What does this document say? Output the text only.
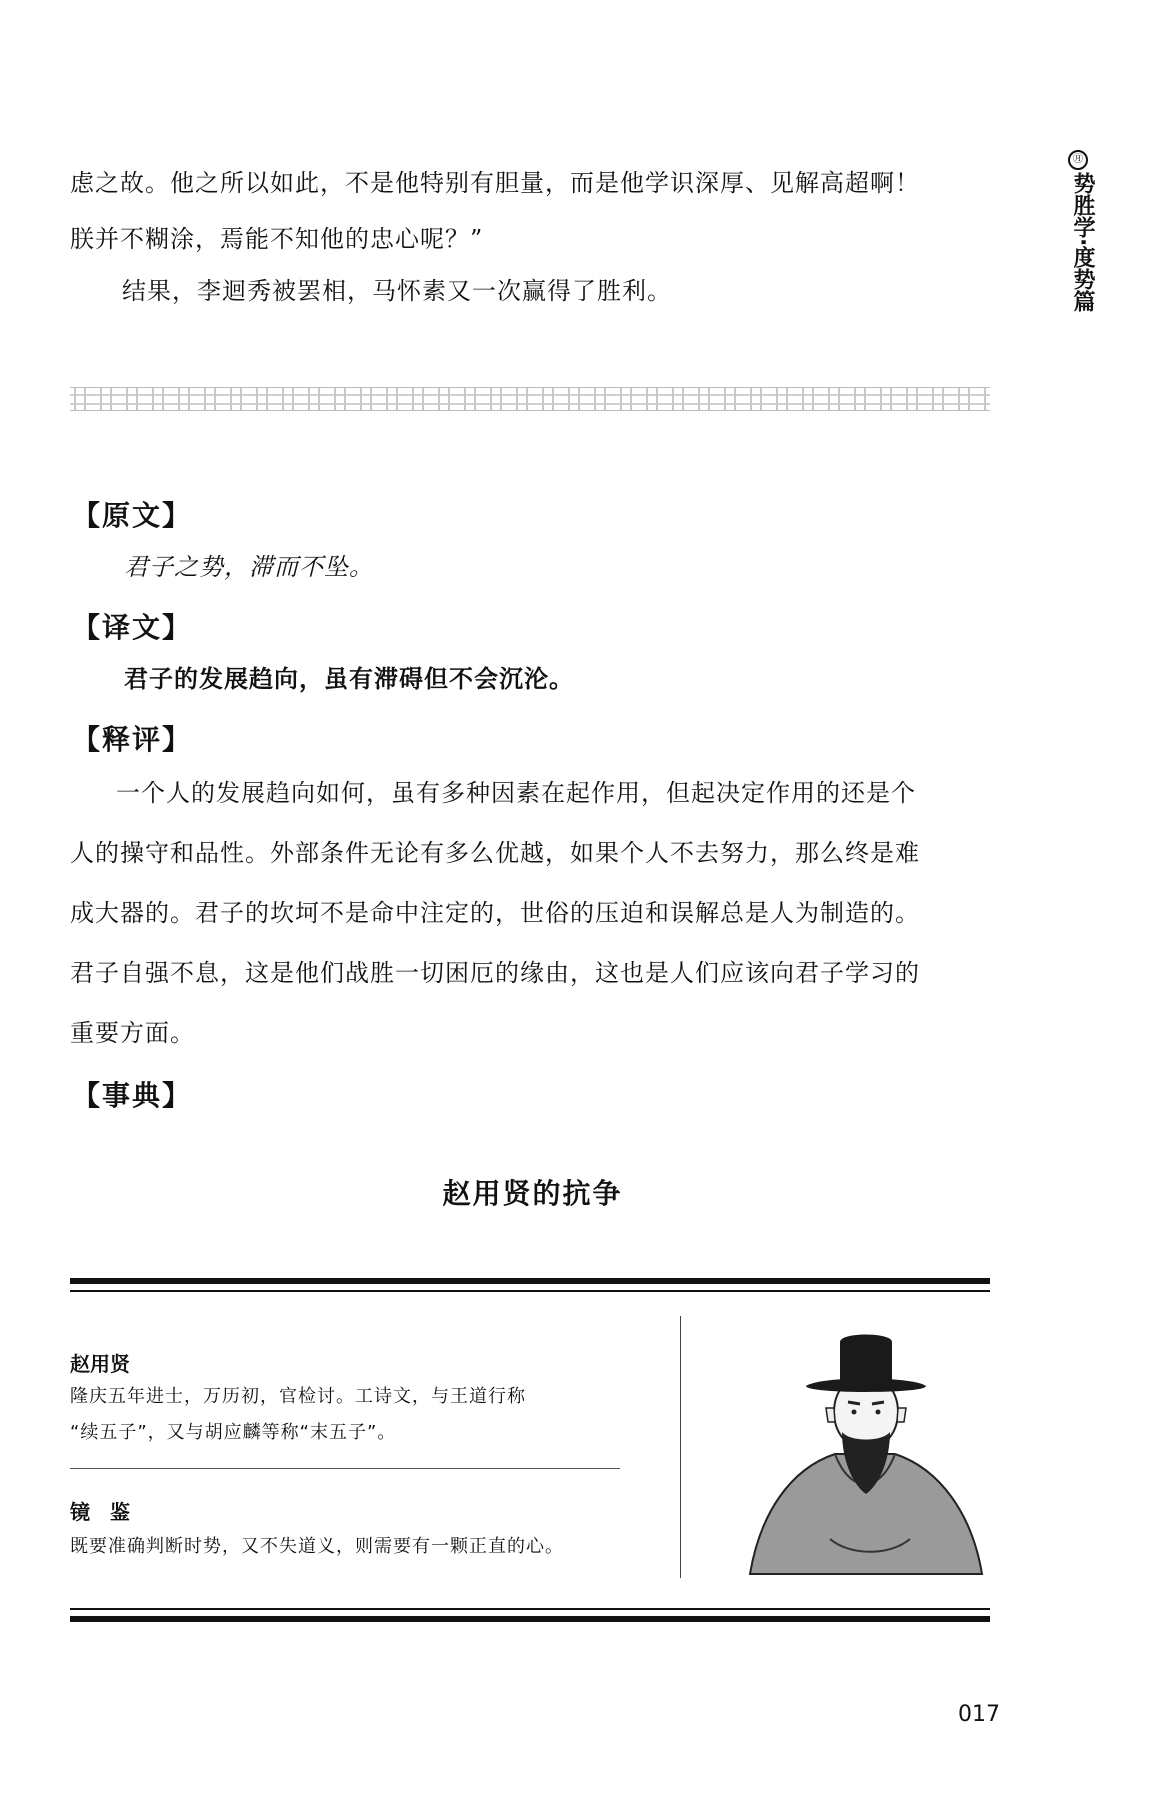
㊊
势胜学·度势篇
虑之故。他之所以如此，不是他特别有胆量，而是他学识深厚、见解高超啊！
朕并不糊涂，焉能不知他的忠心呢？”
结果，李迴秀被罢相，马怀素又一次赢得了胜利。
【原文】
君子之势，滞而不坠。
【译文】
君子的发展趋向，虽有滞碍但不会沉沦。
【释评】
一个人的发展趋向如何，虽有多种因素在起作用，但起决定作用的还是个
人的操守和品性。外部条件无论有多么优越，如果个人不去努力，那么终是难
成大器的。君子的坎坷不是命中注定的，世俗的压迫和误解总是人为制造的。
君子自强不息，这是他们战胜一切困厄的缘由，这也是人们应该向君子学习的
重要方面。
【事典】
赵用贤的抗争
赵用贤
隆庆五年进士，万历初，官检讨。工诗文，与王道行称
“续五子”，又与胡应麟等称“末五子”。
镜　鉴
既要准确判断时势，又不失道义，则需要有一颗正直的心。
017
